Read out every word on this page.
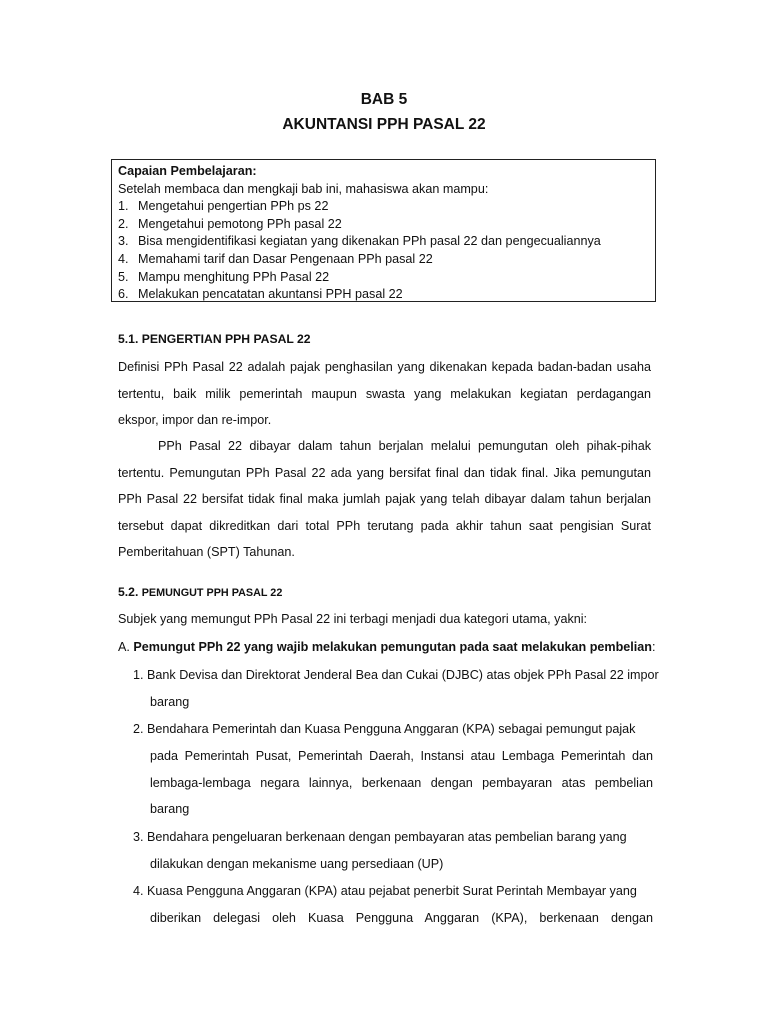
BAB 5
AKUNTANSI PPH PASAL 22
Capaian Pembelajaran:
Setelah membaca dan mengkaji bab ini, mahasiswa akan mampu:
1. Mengetahui pengertian PPh ps 22
2. Mengetahui pemotong PPh pasal 22
3. Bisa mengidentifikasi kegiatan yang dikenakan PPh pasal 22 dan pengecualiannya
4. Memahami tarif dan Dasar Pengenaan PPh pasal 22
5. Mampu menghitung PPh Pasal 22
6. Melakukan pencatatan akuntansi PPH pasal 22
5.1. PENGERTIAN PPH PASAL 22
Definisi PPh Pasal 22 adalah pajak penghasilan yang dikenakan kepada badan-badan usaha
tertentu, baik milik pemerintah maupun swasta yang melakukan kegiatan perdagangan
ekspor, impor dan re-impor.
PPh Pasal 22 dibayar dalam tahun berjalan melalui pemungutan oleh pihak-pihak
tertentu. Pemungutan PPh Pasal 22 ada yang bersifat final dan tidak final. Jika pemungutan
PPh Pasal 22 bersifat tidak final maka jumlah pajak yang telah dibayar dalam tahun berjalan
tersebut dapat dikreditkan dari total PPh terutang pada akhir tahun saat pengisian Surat
Pemberitahuan (SPT) Tahunan.
5.2. PEMUNGUT PPH PASAL 22
Subjek yang memungut PPh Pasal 22 ini terbagi menjadi dua kategori utama, yakni:
A. Pemungut PPh 22 yang wajib melakukan pemungutan pada saat melakukan pembelian:
1. Bank Devisa dan Direktorat Jenderal Bea dan Cukai (DJBC) atas objek PPh Pasal 22 impor
barang
2. Bendahara Pemerintah dan Kuasa Pengguna Anggaran (KPA) sebagai pemungut pajak
pada Pemerintah Pusat, Pemerintah Daerah, Instansi atau Lembaga Pemerintah dan
lembaga-lembaga negara lainnya, berkenaan dengan pembayaran atas pembelian
barang
3. Bendahara pengeluaran berkenaan dengan pembayaran atas pembelian barang yang
dilakukan dengan mekanisme uang persediaan (UP)
4. Kuasa Pengguna Anggaran (KPA) atau pejabat penerbit Surat Perintah Membayar yang
diberikan delegasi oleh Kuasa Pengguna Anggaran (KPA), berkenaan dengan
